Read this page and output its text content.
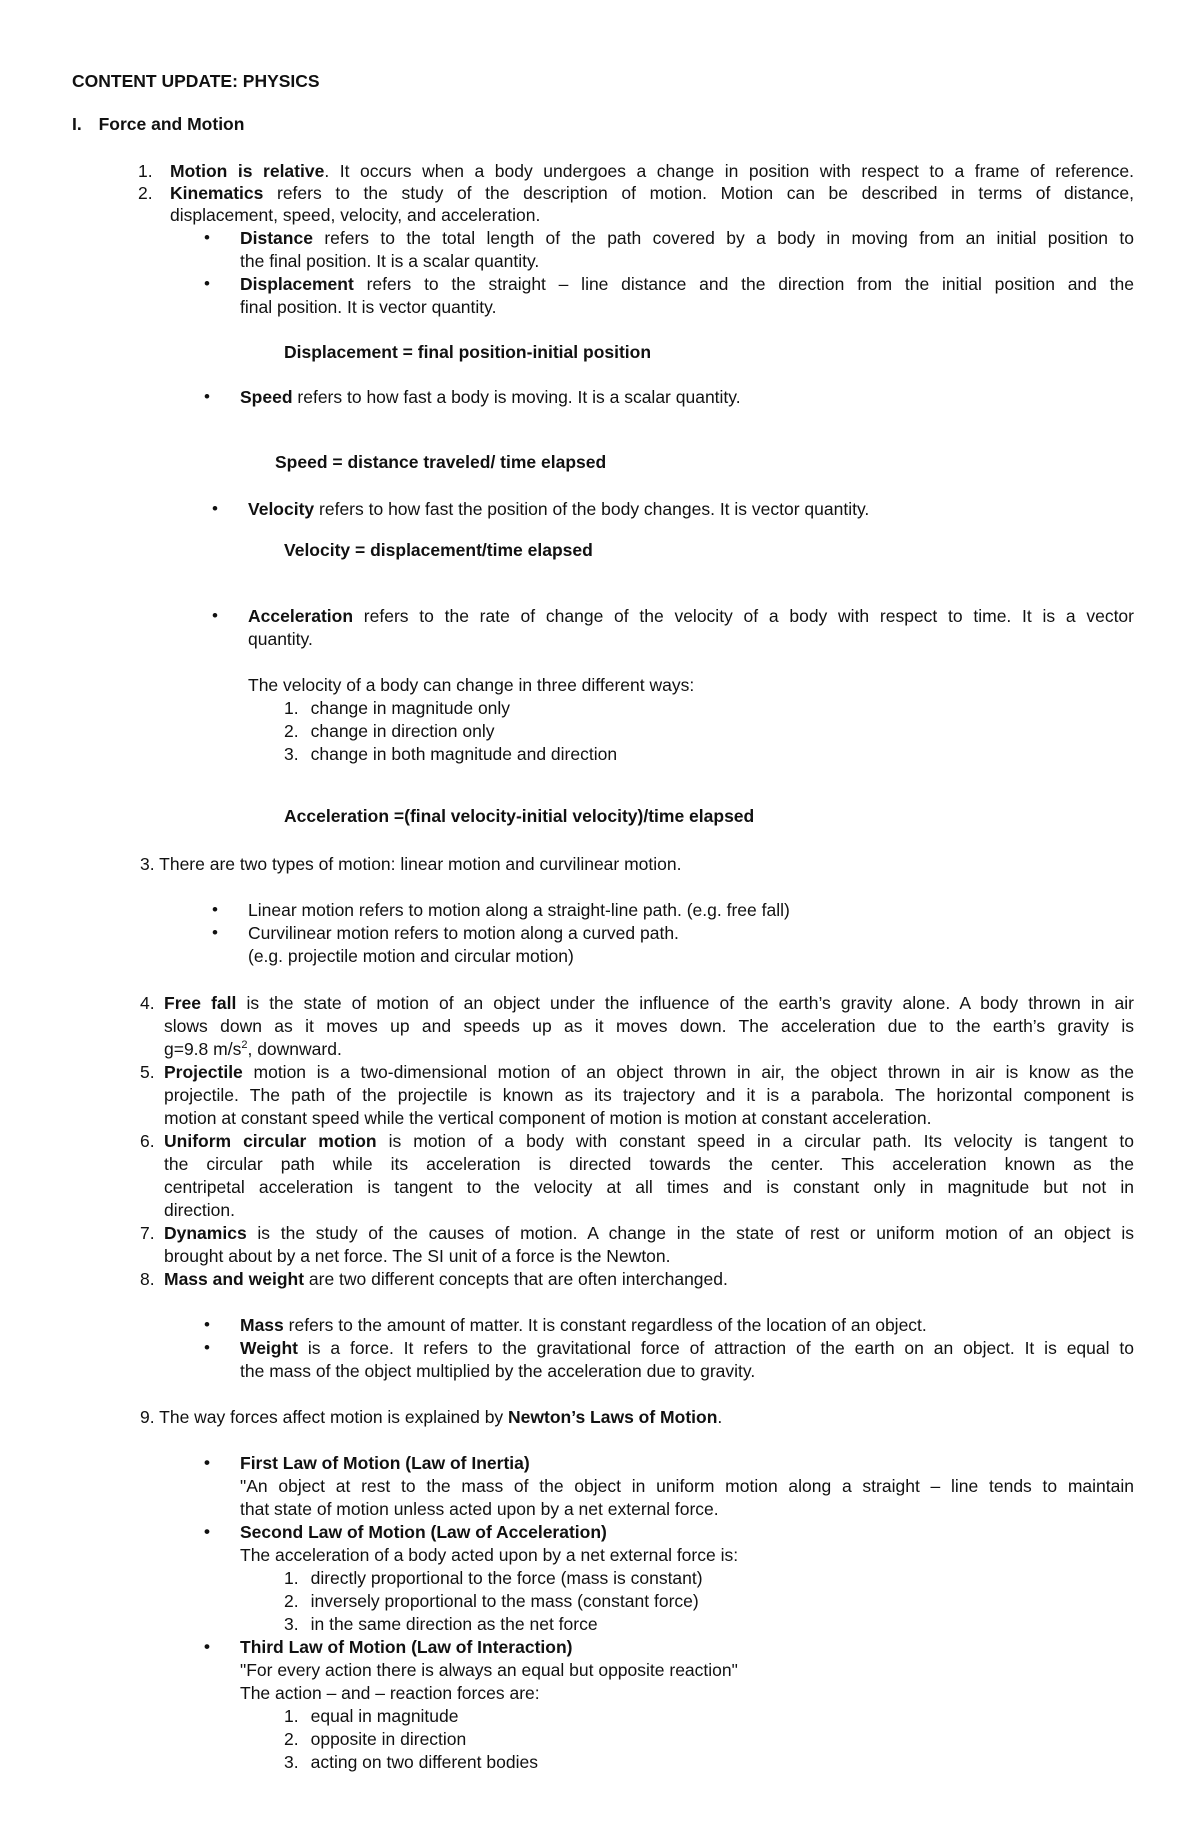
CONTENT UPDATE: PHYSICS
I. Force and Motion
1. Motion is relative. It occurs when a body undergoes a change in position with respect to a frame of reference.
2. Kinematics refers to the study of the description of motion. Motion can be described in terms of distance,
displacement, speed, velocity, and acceleration.
• Distance refers to the total length of the path covered by a body in moving from an initial position to
the final position. It is a scalar quantity.
• Displacement refers to the straight – line distance and the direction from the initial position and the
final position. It is vector quantity.
Displacement = final position-initial position
• Speed refers to how fast a body is moving. It is a scalar quantity.
Speed = distance traveled/ time elapsed
• Velocity refers to how fast the position of the body changes. It is vector quantity.
Velocity = displacement/time elapsed
• Acceleration refers to the rate of change of the velocity of a body with respect to time. It is a vector
quantity.
The velocity of a body can change in three different ways:
1. change in magnitude only
2. change in direction only
3. change in both magnitude and direction
Acceleration =(final velocity-initial velocity)/time elapsed
3. There are two types of motion: linear motion and curvilinear motion.
• Linear motion refers to motion along a straight-line path. (e.g. free fall)
• Curvilinear motion refers to motion along a curved path.
(e.g. projectile motion and circular motion)
4. Free fall is the state of motion of an object under the influence of the earth’s gravity alone. A body thrown in air
slows down as it moves up and speeds up as it moves down. The acceleration due to the earth’s gravity is
g=9.8 $m/s^2$, downward.
5. Projectile motion is a two-dimensional motion of an object thrown in air, the object thrown in air is know as the
projectile. The path of the projectile is known as its trajectory and it is a parabola. The horizontal component is
motion at constant speed while the vertical component of motion is motion at constant acceleration.
6. Uniform circular motion is motion of a body with constant speed in a circular path. Its velocity is tangent to
the circular path while its acceleration is directed towards the center. This acceleration known as the
centripetal acceleration is tangent to the velocity at all times and is constant only in magnitude but not in
direction.
7. Dynamics is the study of the causes of motion. A change in the state of rest or uniform motion of an object is
brought about by a net force. The SI unit of a force is the Newton.
8. Mass and weight are two different concepts that are often interchanged.
• Mass refers to the amount of matter. It is constant regardless of the location of an object.
• Weight is a force. It refers to the gravitational force of attraction of the earth on an object. It is equal to
the mass of the object multiplied by the acceleration due to gravity.
9. The way forces affect motion is explained by Newton’s Laws of Motion.
• First Law of Motion (Law of Inertia)
"An object at rest to the mass of the object in uniform motion along a straight – line tends to maintain
that state of motion unless acted upon by a net external force.
• Second Law of Motion (Law of Acceleration)
The acceleration of a body acted upon by a net external force is:
1. directly proportional to the force (mass is constant)
2. inversely proportional to the mass (constant force)
3. in the same direction as the net force
• Third Law of Motion (Law of Interaction)
"For every action there is always an equal but opposite reaction"
The action – and – reaction forces are:
1. equal in magnitude
2. opposite in direction
3. acting on two different bodies
